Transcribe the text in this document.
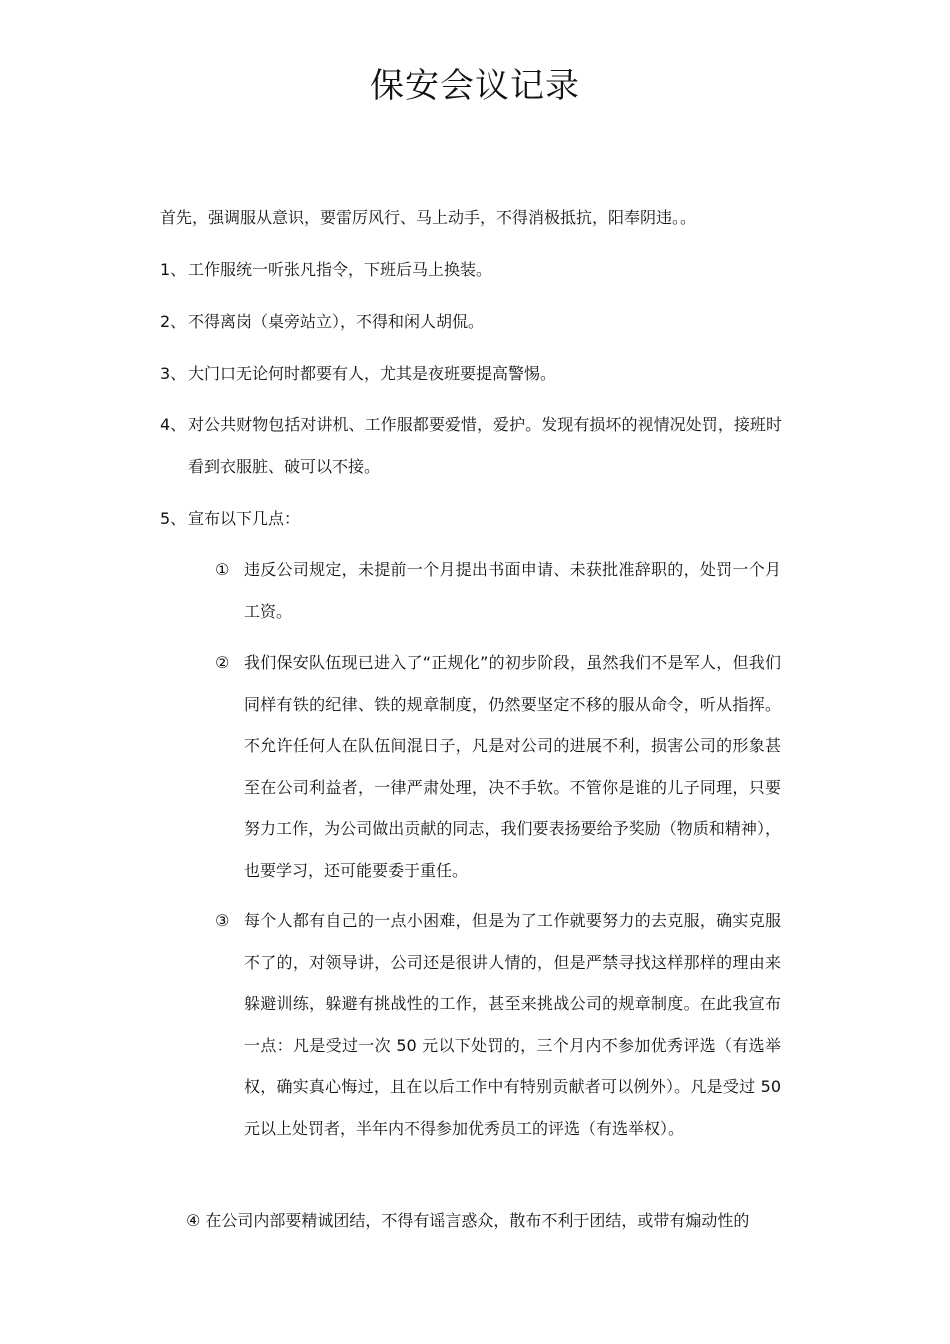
保安会议记录
首先，强调服从意识，要雷厉风行、马上动手，不得消极抵抗，阳奉阴违。。
1、 工作服统一听张凡指令，下班后马上换装。
2、 不得离岗（桌旁站立），不得和闲人胡侃。
3、 大门口无论何时都要有人，尤其是夜班要提高警惕。
4、 对公共财物包括对讲机、工作服都要爱惜，爱护。发现有损坏的视情况处罚，接班时看到衣服脏、破可以不接。
5、 宣布以下几点：
① 违反公司规定，未提前一个月提出书面申请、未获批准辞职的，处罚一个月工资。
② 我们保安队伍现已进入了“正规化”的初步阶段，虽然我们不是军人，但我们同样有铁的纪律、铁的规章制度，仍然要坚定不移的服从命令，听从指挥。不允许任何人在队伍间混日子，凡是对公司的进展不利，损害公司的形象甚至在公司利益者，一律严肃处理，决不手软。不管你是谁的儿子同理，只要努力工作，为公司做出贡献的同志，我们要表扬要给予奖励（物质和精神），也要学习，还可能要委于重任。
③ 每个人都有自己的一点小困难，但是为了工作就要努力的去克服，确实克服不了的，对领导讲，公司还是很讲人情的，但是严禁寻找这样那样的理由来躲避训练，躲避有挑战性的工作，甚至来挑战公司的规章制度。在此我宣布一点：凡是受过一次 50 元以下处罚的，三个月内不参加优秀评选（有选举权，确实真心悔过，且在以后工作中有特别贡献者可以例外）。凡是受过 50 元以上处罚者，半年内不得参加优秀员工的评选（有选举权）。
④ 在公司内部要精诚团结，不得有谣言惑众，散布不利于团结，或带有煽动性的
